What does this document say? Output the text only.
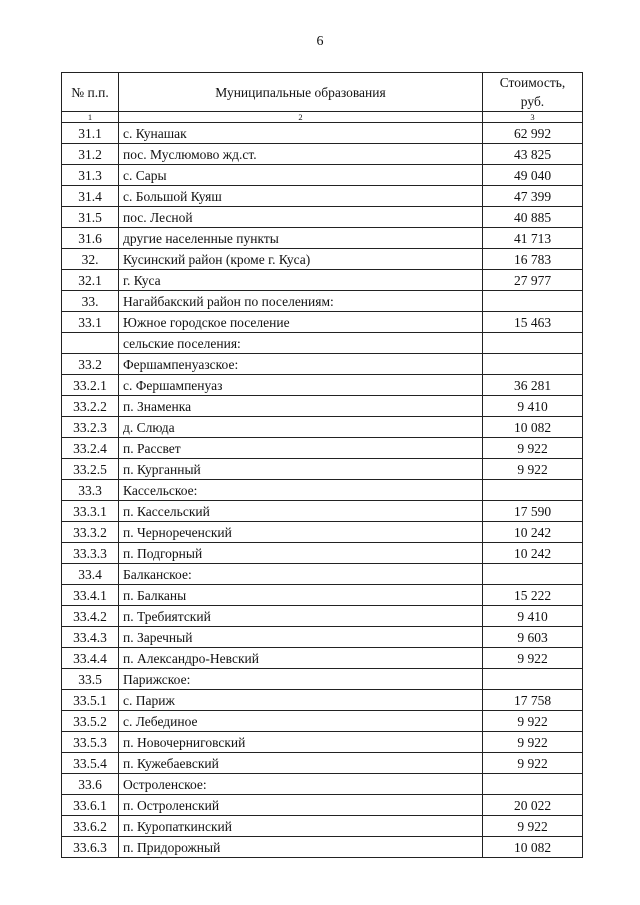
6
№ п.п.	Муниципальные образования	Стоимость,
руб.
1	2	3
31.1	с. Кунашак	62 992
31.2	пос. Муслюмово жд.ст.	43 825
31.3	с. Сары	49 040
31.4	с. Большой Куяш	47 399
31.5	пос. Лесной	40 885
31.6	другие населенные пункты	41 713
32.	Кусинский район (кроме г. Куса)	16 783
32.1	г. Куса	27 977
33.	Нагайбакский район по поселениям:	
33.1	Южное городское поселение	15 463
	сельские поселения:	
33.2	Фершампенуазское:	
33.2.1	с. Фершампенуаз	36 281
33.2.2	п. Знаменка	9 410
33.2.3	д. Слюда	10 082
33.2.4	п. Рассвет	9 922
33.2.5	п. Курганный	9 922
33.3	Кассельское:	
33.3.1	п. Кассельский	17 590
33.3.2	п. Чернореченский	10 242
33.3.3	п. Подгорный	10 242
33.4	Балканское:	
33.4.1	п. Балканы	15 222
33.4.2	п. Требиятский	9 410
33.4.3	п. Заречный	9 603
33.4.4	п. Александро-Невский	9 922
33.5	Парижское:	
33.5.1	с. Париж	17 758
33.5.2	с. Лебединое	9 922
33.5.3	п. Новочерниговский	9 922
33.5.4	п. Кужебаевский	9 922
33.6	Остроленское:	
33.6.1	п. Остроленский	20 022
33.6.2	п. Куропаткинский	9 922
33.6.3	п. Придорожный	10 082
